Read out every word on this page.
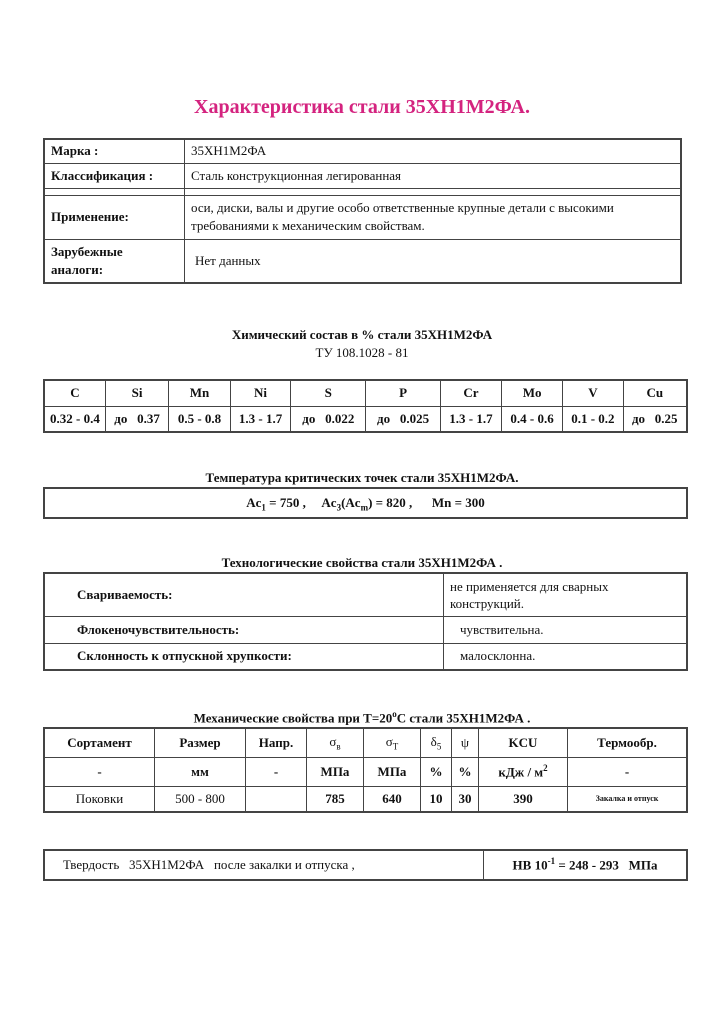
Характеристика стали 35ХН1М2ФА.
Марка :	35ХН1М2ФА
Классификация :	Сталь конструкционная легированная

Применение:	оси, диски, валы и другие особо ответственные крупные детали с высокими требованиями к механическим свойствам.
Зарубежные аналоги:	Нет данных
Химический состав в % стали 35ХН1М2ФА
ТУ 108.1028 - 81
C	Si	Mn	Ni	S	P	Cr	Mo	V	Cu
0.32 - 0.4	до   0.37	0.5 - 0.8	1.3 - 1.7	до   0.022	до   0.025	1.3 - 1.7	0.4 - 0.6	0.1 - 0.2	до   0.25
Температура критических точек стали 35ХН1М2ФА.
$Ac_1 = 750$ , $Ac_3(Ac_m) = 820$ , Mn = 300
Технологические свойства стали 35ХН1М2ФА .
Свариваемость:	не применяется для сварных конструкций.
Флокеночувствительность:	чувствительна.
Склонность к отпускной хрупкости:	малосклонна.
Механические свойства при $Т=20^oC$ стали 35ХН1М2ФА .
Сортамент	Размер	Напр.	$\sigma_в$	$\sigma_T$	$\delta_5$	ψ	KCU	Термообр.
-	мм	-	МПа	МПа	%	%	кДж / $м^2$	-
Поковки	500 - 800		785	640	10	30	390	Закалка и отпуск
Твердость   35ХН1М2ФА   после закалки и отпуска ,	HB $10^{-1} = 248 - 293$   МПа
